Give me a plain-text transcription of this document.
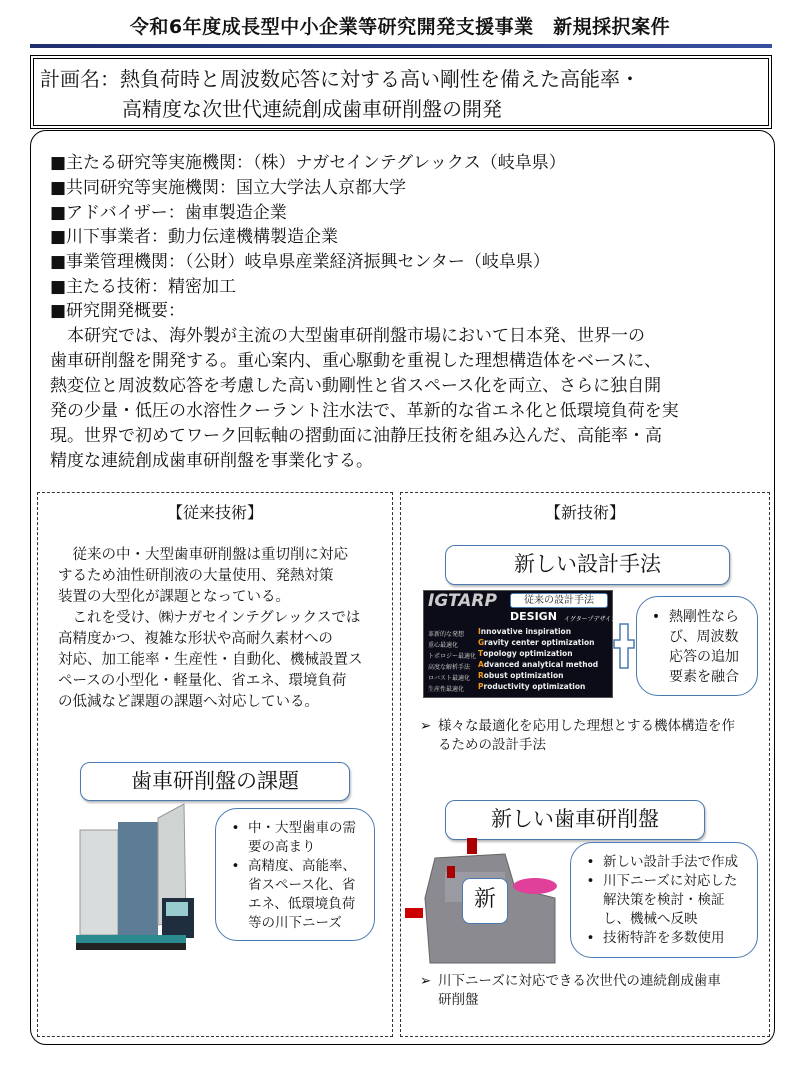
令和6年度成長型中小企業等研究開発支援事業　新規採択案件
計画名：熱負荷時と周波数応答に対する高い剛性を備えた高能率・
高精度な次世代連続創成歯車研削盤の開発
■主たる研究等実施機関：（株）ナガセインテグレックス（岐阜県）
■共同研究等実施機関：国立大学法人京都大学
■アドバイザー：歯車製造企業
■川下事業者：動力伝達機構製造企業
■事業管理機関：（公財）岐阜県産業経済振興センター（岐阜県）
■主たる技術：精密加工
■研究開発概要：
　本研究では、海外製が主流の大型歯車研削盤市場において日本発、世界一の
歯車研削盤を開発する。重心案内、重心駆動を重視した理想構造体をベースに、
熱変位と周波数応答を考慮した高い動剛性と省スペース化を両立、さらに独自開
発の少量・低圧の水溶性クーラント注水法で、革新的な省エネ化と低環境負荷を実
現。世界で初めてワーク回転軸の摺動面に油静圧技術を組み込んだ、高能率・高
精度な連続創成歯車研削盤を事業化する。
【従来技術】
　従来の中・大型歯車研削盤は重切削に対応
するため油性研削液の大量使用、発熱対策
装置の大型化が課題となっている。
　これを受け、㈱ナガセインテグレックスでは
高精度かつ、複雑な形状や高耐久素材への
対応、加工能率・生産性・自動化、機械設置ス
ペースの小型化・軽量化、省エネ、環境負荷
の低減など課題の課題へ対応している。
歯車研削盤の課題
• 中・大型歯車の需要の高まり
• 高精度、高能率、省スペース化、省エネ、低環境負荷等の川下ニーズ
【新技術】
新しい設計手法
IGTARP
DESIGN イグタープデザイン
従来の設計手法
革新的な発想 Innovative inspiration
重心最適化	Gravity center optimization
トポロジー最適化 Topology optimization
高度な解析手法 Advanced analytical method
ロバスト最適化 Robust optimization
生産性最適化 Productivity optimization
• 熱剛性ならび、周波数応答の追加要素を融合
➢ 様々な最適化を応用した理想とする機体構造を作るための設計手法
新しい歯車研削盤
新
• 新しい設計手法で作成
• 川下ニーズに対応した解決策を検討・検証し、機械へ反映
• 技術特許を多数使用
➢ 川下ニーズに対応できる次世代の連続創成歯車研削盤
